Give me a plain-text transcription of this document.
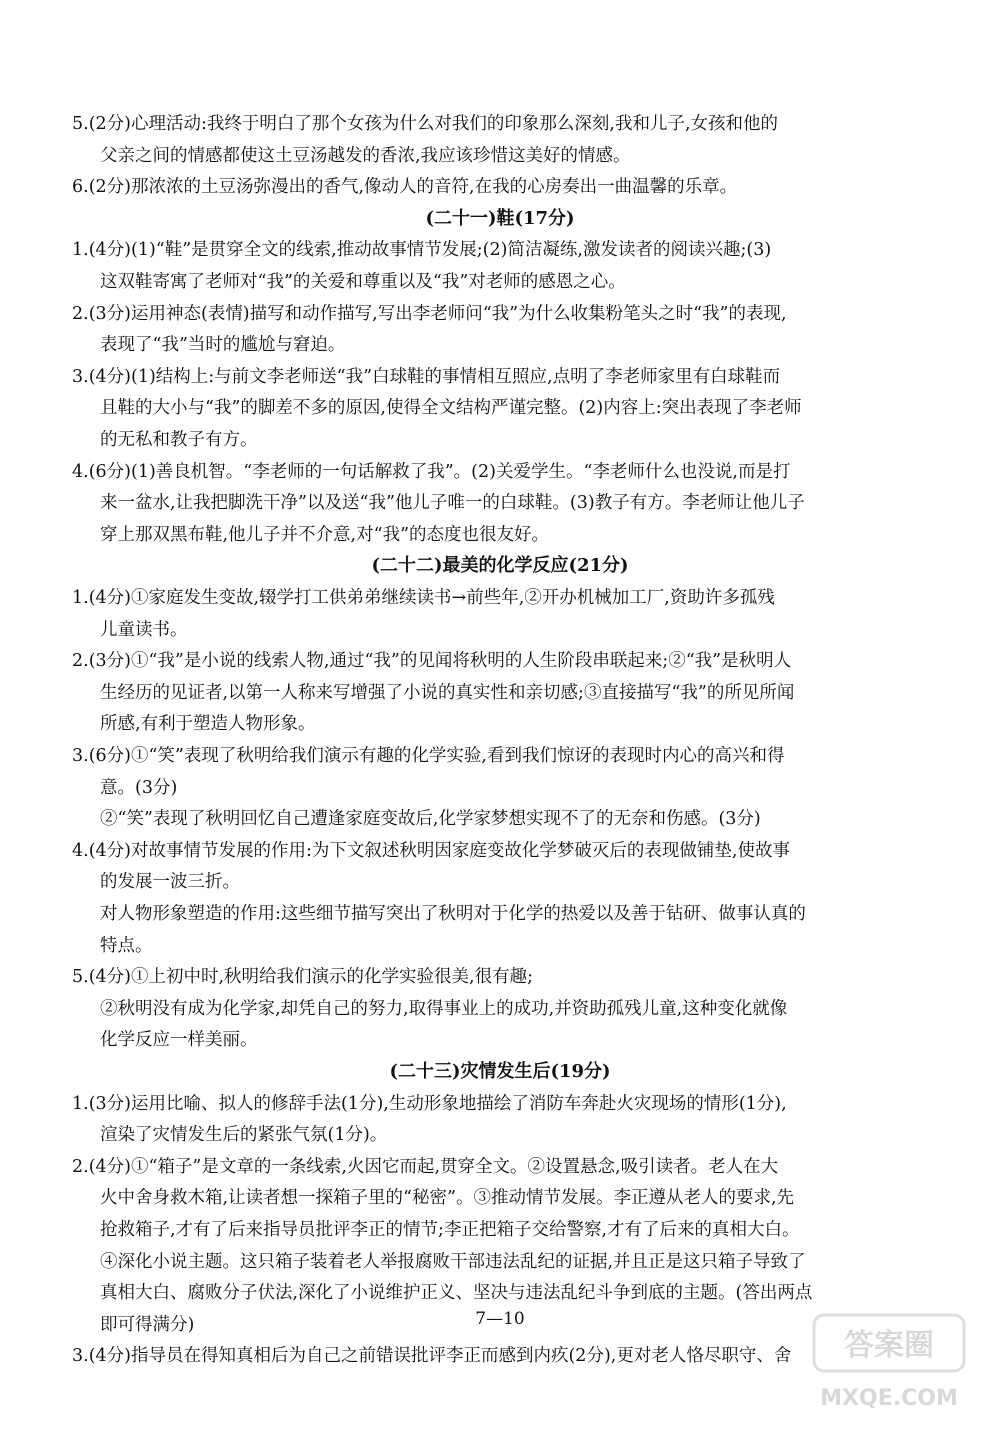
5.(2分)心理活动:我终于明白了那个女孩为什么对我们的印象那么深刻,我和儿子,女孩和他的
父亲之间的情感都使这土豆汤越发的香浓,我应该珍惜这美好的情感。
6.(2分)那浓浓的土豆汤弥漫出的香气,像动人的音符,在我的心房奏出一曲温馨的乐章。
(二十一)鞋(17分)
1.(4分)(1)“鞋”是贯穿全文的线索,推动故事情节发展;(2)简洁凝练,激发读者的阅读兴趣;(3)
这双鞋寄寓了老师对“我”的关爱和尊重以及“我”对老师的感恩之心。
2.(3分)运用神态(表情)描写和动作描写,写出李老师问“我”为什么收集粉笔头之时“我”的表现,
表现了“我”当时的尴尬与窘迫。
3.(4分)(1)结构上:与前文李老师送“我”白球鞋的事情相互照应,点明了李老师家里有白球鞋而
且鞋的大小与“我”的脚差不多的原因,使得全文结构严谨完整。(2)内容上:突出表现了李老师
的无私和教子有方。
4.(6分)(1)善良机智。“李老师的一句话解救了我”。(2)关爱学生。“李老师什么也没说,而是打
来一盆水,让我把脚洗干净”以及送“我”他儿子唯一的白球鞋。(3)教子有方。李老师让他儿子
穿上那双黑布鞋,他儿子并不介意,对“我”的态度也很友好。
(二十二)最美的化学反应(21分)
1.(4分)①家庭发生变故,辍学打工供弟弟继续读书→前些年,②开办机械加工厂,资助许多孤残
儿童读书。
2.(3分)①“我”是小说的线索人物,通过“我”的见闻将秋明的人生阶段串联起来;②“我”是秋明人
生经历的见证者,以第一人称来写增强了小说的真实性和亲切感;③直接描写“我”的所见所闻
所感,有利于塑造人物形象。
3.(6分)①“笑”表现了秋明给我们演示有趣的化学实验,看到我们惊讶的表现时内心的高兴和得
意。(3分)
②“笑”表现了秋明回忆自己遭逢家庭变故后,化学家梦想实现不了的无奈和伤感。(3分)
4.(4分)对故事情节发展的作用:为下文叙述秋明因家庭变故化学梦破灭后的表现做铺垫,使故事
的发展一波三折。
对人物形象塑造的作用:这些细节描写突出了秋明对于化学的热爱以及善于钻研、做事认真的
特点。
5.(4分)①上初中时,秋明给我们演示的化学实验很美,很有趣;
②秋明没有成为化学家,却凭自己的努力,取得事业上的成功,并资助孤残儿童,这种变化就像
化学反应一样美丽。
(二十三)灾情发生后(19分)
1.(3分)运用比喻、拟人的修辞手法(1分),生动形象地描绘了消防车奔赴火灾现场的情形(1分),
渲染了灾情发生后的紧张气氛(1分)。
2.(4分)①“箱子”是文章的一条线索,火因它而起,贯穿全文。②设置悬念,吸引读者。老人在大
火中舍身救木箱,让读者想一探箱子里的“秘密”。③推动情节发展。李正遵从老人的要求,先
抢救箱子,才有了后来指导员批评李正的情节;李正把箱子交给警察,才有了后来的真相大白。
④深化小说主题。这只箱子装着老人举报腐败干部违法乱纪的证据,并且正是这只箱子导致了
真相大白、腐败分子伏法,深化了小说维护正义、坚决与违法乱纪斗争到底的主题。(答出两点
即可得满分)
3.(4分)指导员在得知真相后为自己之前错误批评李正而感到内疚(2分),更对老人恪尽职守、舍
7—10
答案圈
MXQE.COM
